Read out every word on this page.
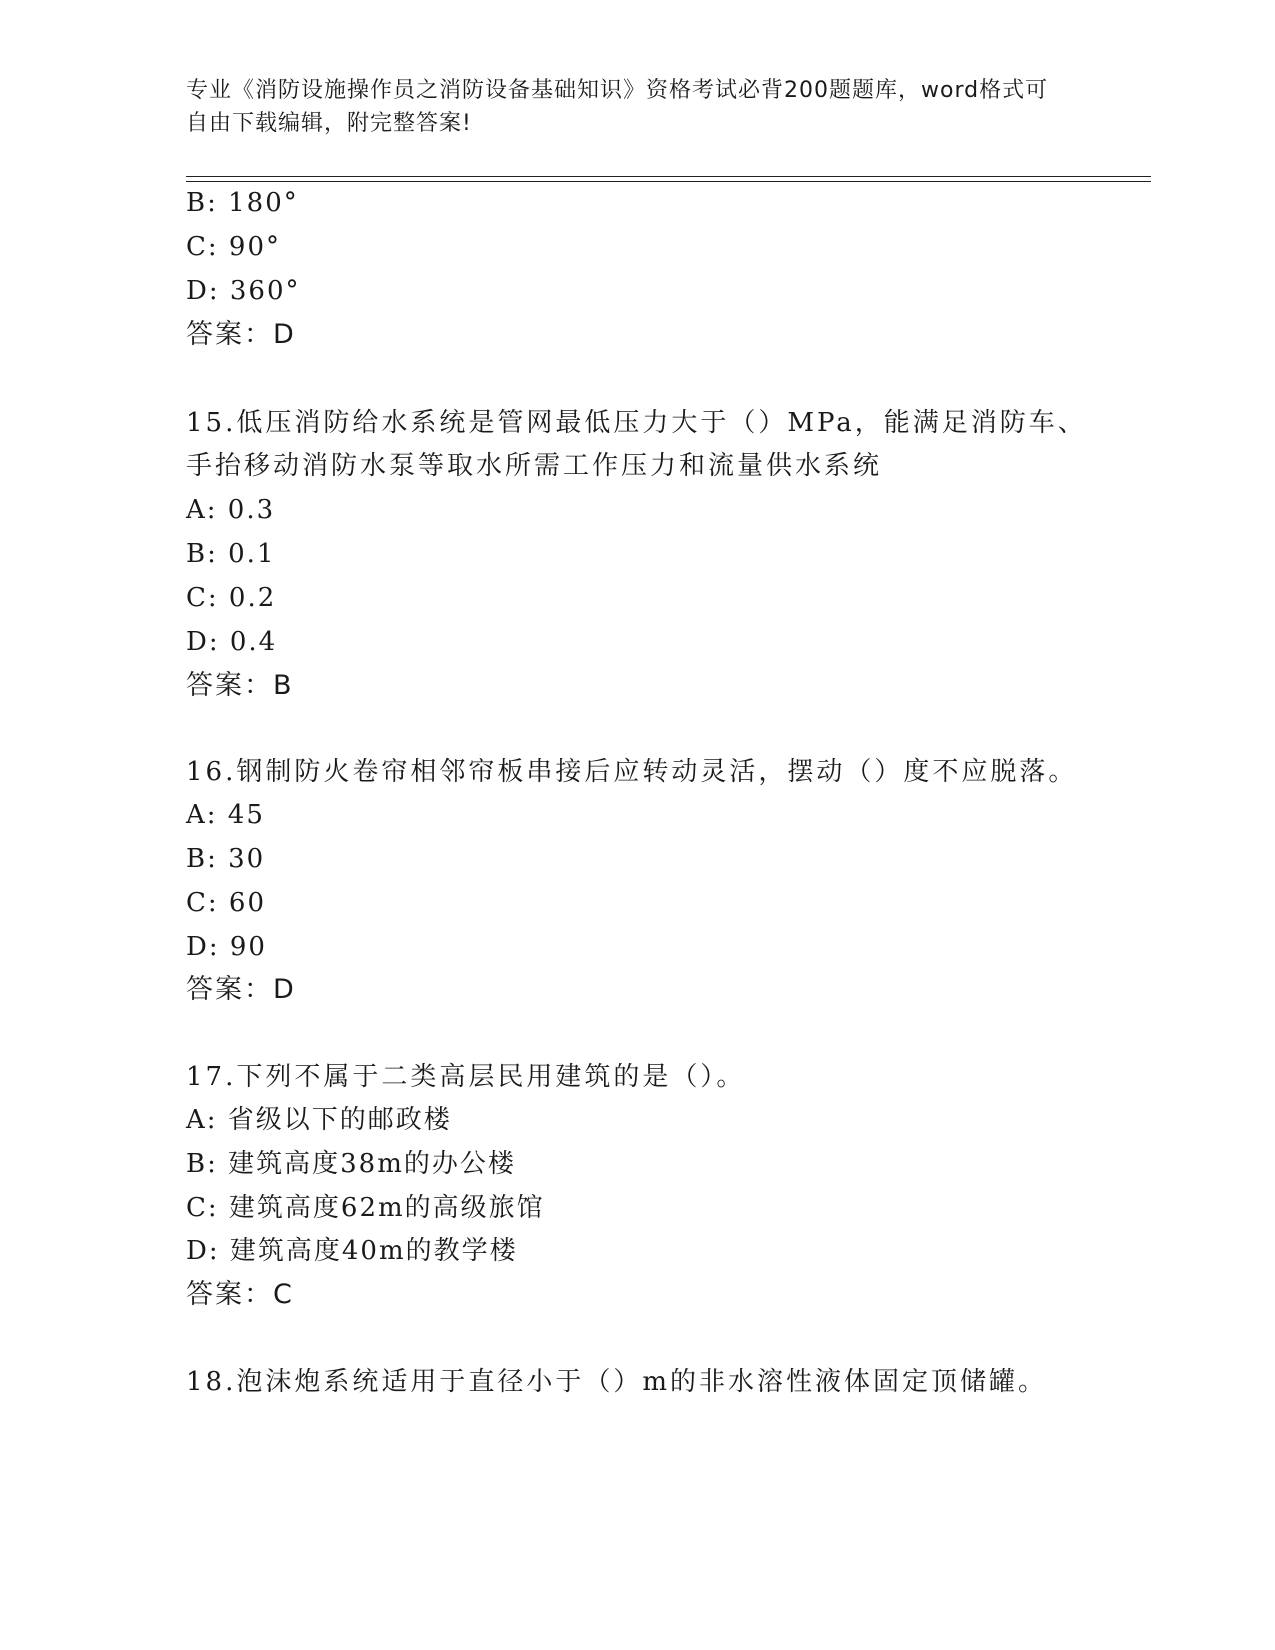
专业《消防设施操作员之消防设备基础知识》资格考试必背200题题库，word格式可自由下载编辑，附完整答案!
B: 180°
C: 90°
D: 360°
答案：D
15.低压消防给水系统是管网最低压力大于（）MPa，能满足消防车、
手抬移动消防水泵等取水所需工作压力和流量供水系统
A: 0.3
B: 0.1
C: 0.2
D: 0.4
答案：B
16.钢制防火卷帘相邻帘板串接后应转动灵活，摆动（）度不应脱落。
A: 45
B: 30
C: 60
D: 90
答案：D
17.下列不属于二类高层民用建筑的是（）。
A: 省级以下的邮政楼
B: 建筑高度38m的办公楼
C: 建筑高度62m的高级旅馆
D: 建筑高度40m的教学楼
答案：C
18.泡沫炮系统适用于直径小于（）m的非水溶性液体固定顶储罐。
